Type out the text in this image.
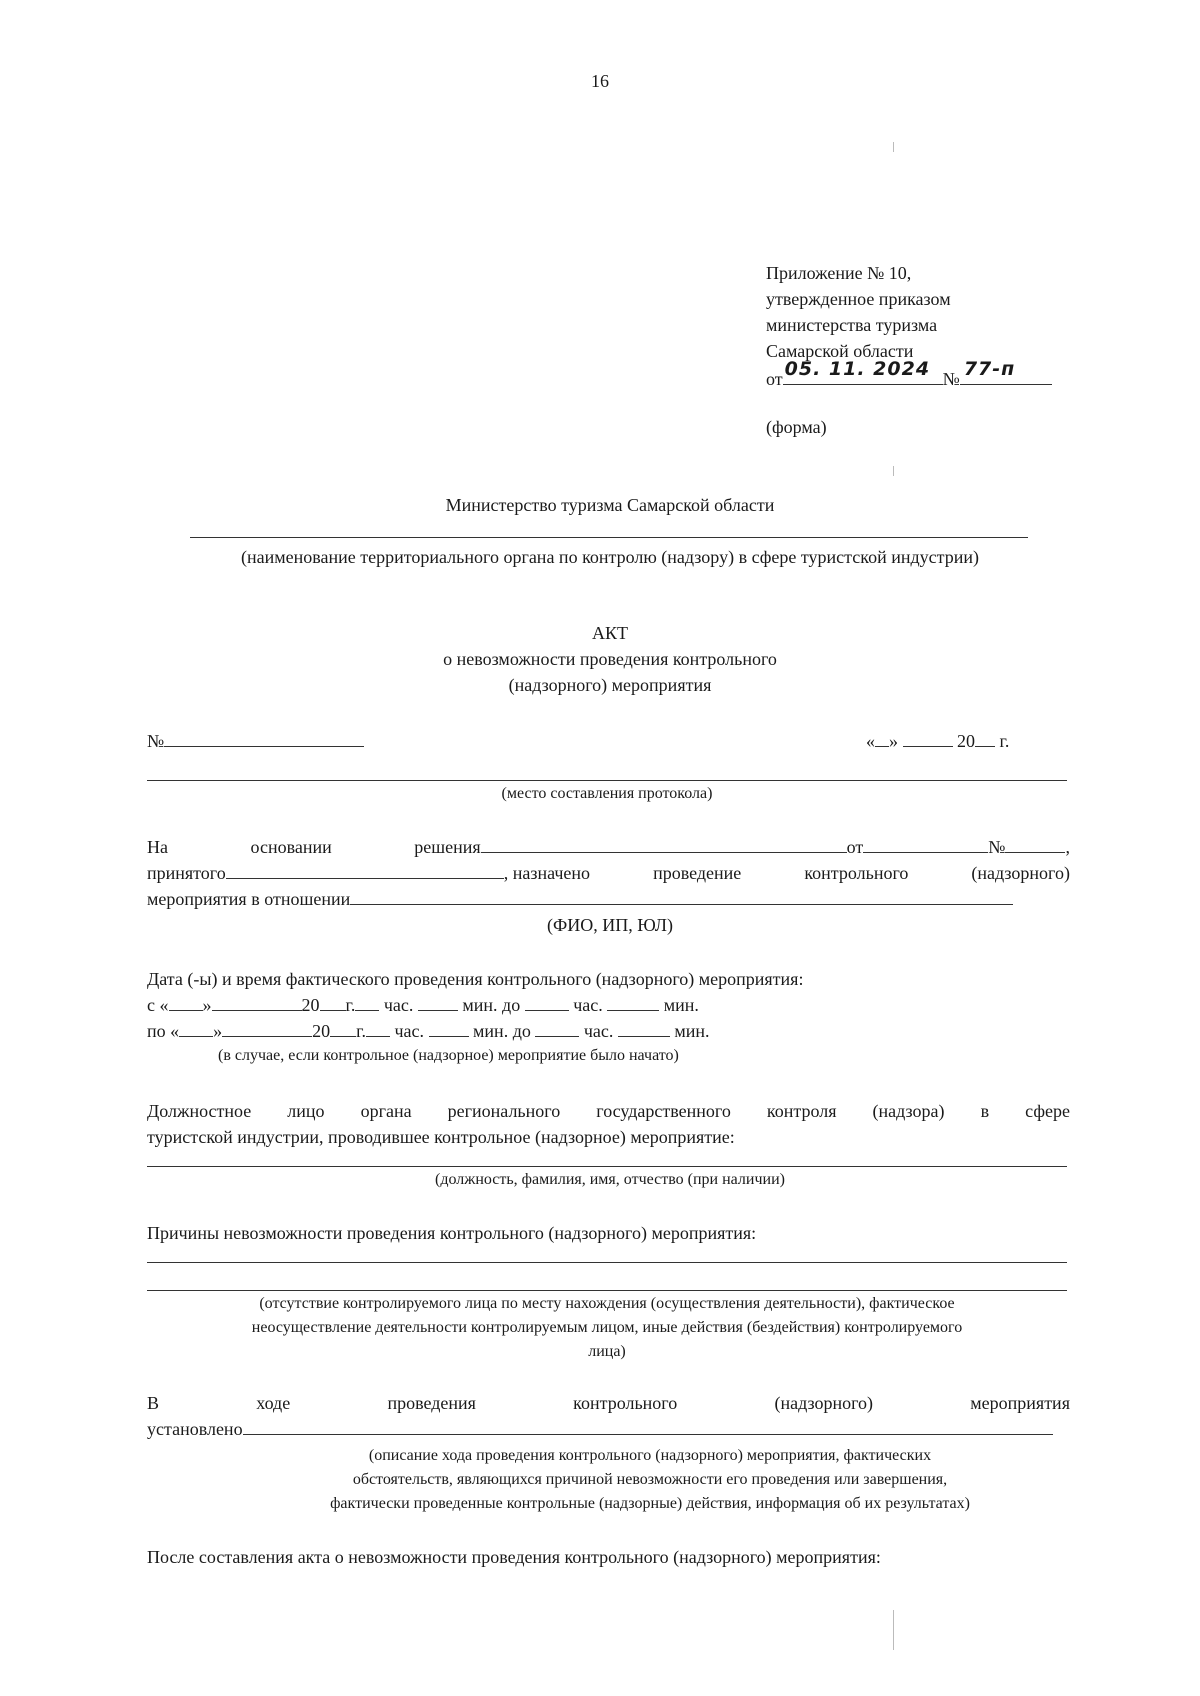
16
Приложение № 10,
утвержденное приказом
министерства туризма
Самарской области
от 05. 11. 2024 № 77-п
(форма)
Министерство туризма Самарской области
(наименование территориального органа по контролю (надзору) в сфере туристской индустрии)
АКТ
о невозможности проведения контрольного
(надзорного) мероприятия
№	« »	20 г.
(место составления протокола)
На	основании	решения	от	№	,
принятого	, назначено	проведение	контрольного	(надзорного)
мероприятия в отношении
(ФИО, ИП, ЮЛ)
Дата (-ы) и время фактического проведения контрольного (надзорного) мероприятия:
с « »	20 г. час.	мин. до	час.	мин.
по « »	20 г. час.	мин. до	час.	мин.
(в случае, если контрольное (надзорное) мероприятие было начато)
Должностное лицо органа регионального государственного контроля (надзора) в сфере
туристской индустрии, проводившее контрольное (надзорное) мероприятие:
(должность, фамилия, имя, отчество (при наличии)
Причины невозможности проведения контрольного (надзорного) мероприятия:
(отсутствие контролируемого лица по месту нахождения (осуществления деятельности), фактическое
неосуществление деятельности контролируемым лицом, иные действия (бездействия) контролируемого
лица)
В	ходе	проведения	контрольного	(надзорного)	мероприятия
установлено
(описание хода проведения контрольного (надзорного) мероприятия, фактических
обстоятельств, являющихся причиной невозможности его проведения или завершения,
фактически проведенные контрольные (надзорные) действия, информация об их результатах)
После составления акта о невозможности проведения контрольного (надзорного) мероприятия:
